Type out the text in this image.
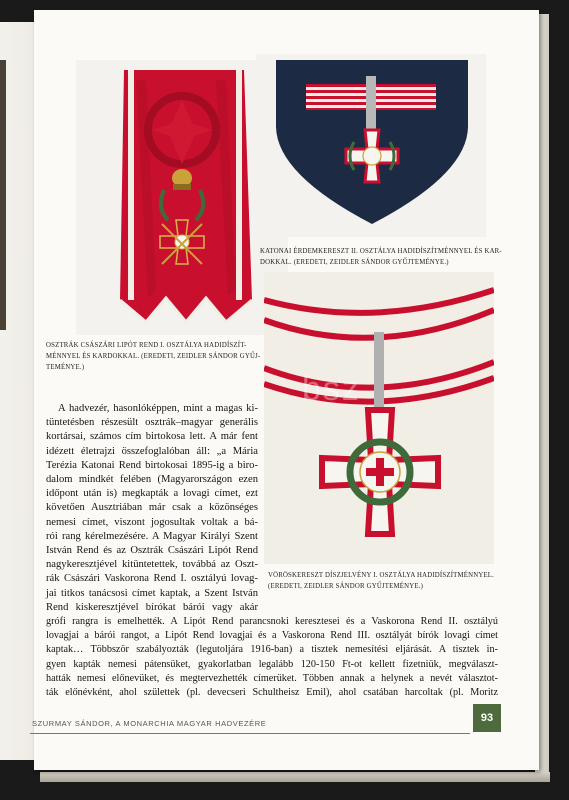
bsz
OSZTRÁK CSÁSZÁRI LIPÓT REND I. OSZTÁLYA HADIDÍSZÍT-
MÉNNYEL ÉS KARDOKKAL. (EREDETI, ZEIDLER SÁNDOR GYŰJ-
TEMÉNYE.)
KATONAI ÉRDEMKERESZT II. OSZTÁLYA HADIDÍSZÍTMÉNNYEL ÉS KAR-
DOKKAL. (EREDETI, ZEIDLER SÁNDOR GYŰJTEMÉNYE.)
VÖRÖSKERESZT DÍSZJELVÉNY I. OSZTÁLYA HADIDÍSZÍTMÉNNYEL.
(EREDETI, ZEIDLER SÁNDOR GYŰJTEMÉNYE.)
A hadvezér, hasonlóképpen, mint a magas ki-
tüntetésben részesült osztrák–magyar generális
kortársai, számos cím birtokosa lett. A már fent
idézett életrajzi összefoglalóban áll: „a Mária
Terézia Katonai Rend birtokosai 1895-ig a biro-
dalom mindkét felében (Magyarországon ezen
időpont után is) megkapták a lovagi címet, ezt
követően Ausztriában már csak a közönséges
nemesi címet, viszont jogosultak voltak a bá-
rói rang kérelmezésére. A Magyar Királyi Szent
István Rend és az Osztrák Császári Lipót Rend
nagykeresztjével kitüntetettek, továbbá az Oszt-
rák Császári Vaskorona Rend I. osztályú lovag-
jai titkos tanácsosi címet kaptak, a Szent István
Rend kiskeresztjével bírókat bárói vagy akár
grófi rangra is emelhették. A Lipót Rend parancsnoki keresztesei és a Vaskorona Rend II. osztályú
lovagjai a bárói rangot, a Lipót Rend lovagjai és a Vaskorona Rend III. osztályát bírók lovagi címet
kaptak… Többször szabályozták (legutoljára 1916-ban) a tisztek nemesítési eljárását. A tisztek in-
gyen kapták nemesi pátensüket, gyakorlatban legalább 120-150 Ft-ot kellett fizetniük, megválaszt-
hatták nemesi előnevüket, és megtervezhették címerüket. Többen annak a helynek a nevét választot-
ták előnévként, ahol születtek (pl. devecseri Schultheisz Emil), ahol csatában harcoltak (pl. Moritz
SZURMAY SÁNDOR, A MONARCHIA MAGYAR HADVEZÉRE	93
